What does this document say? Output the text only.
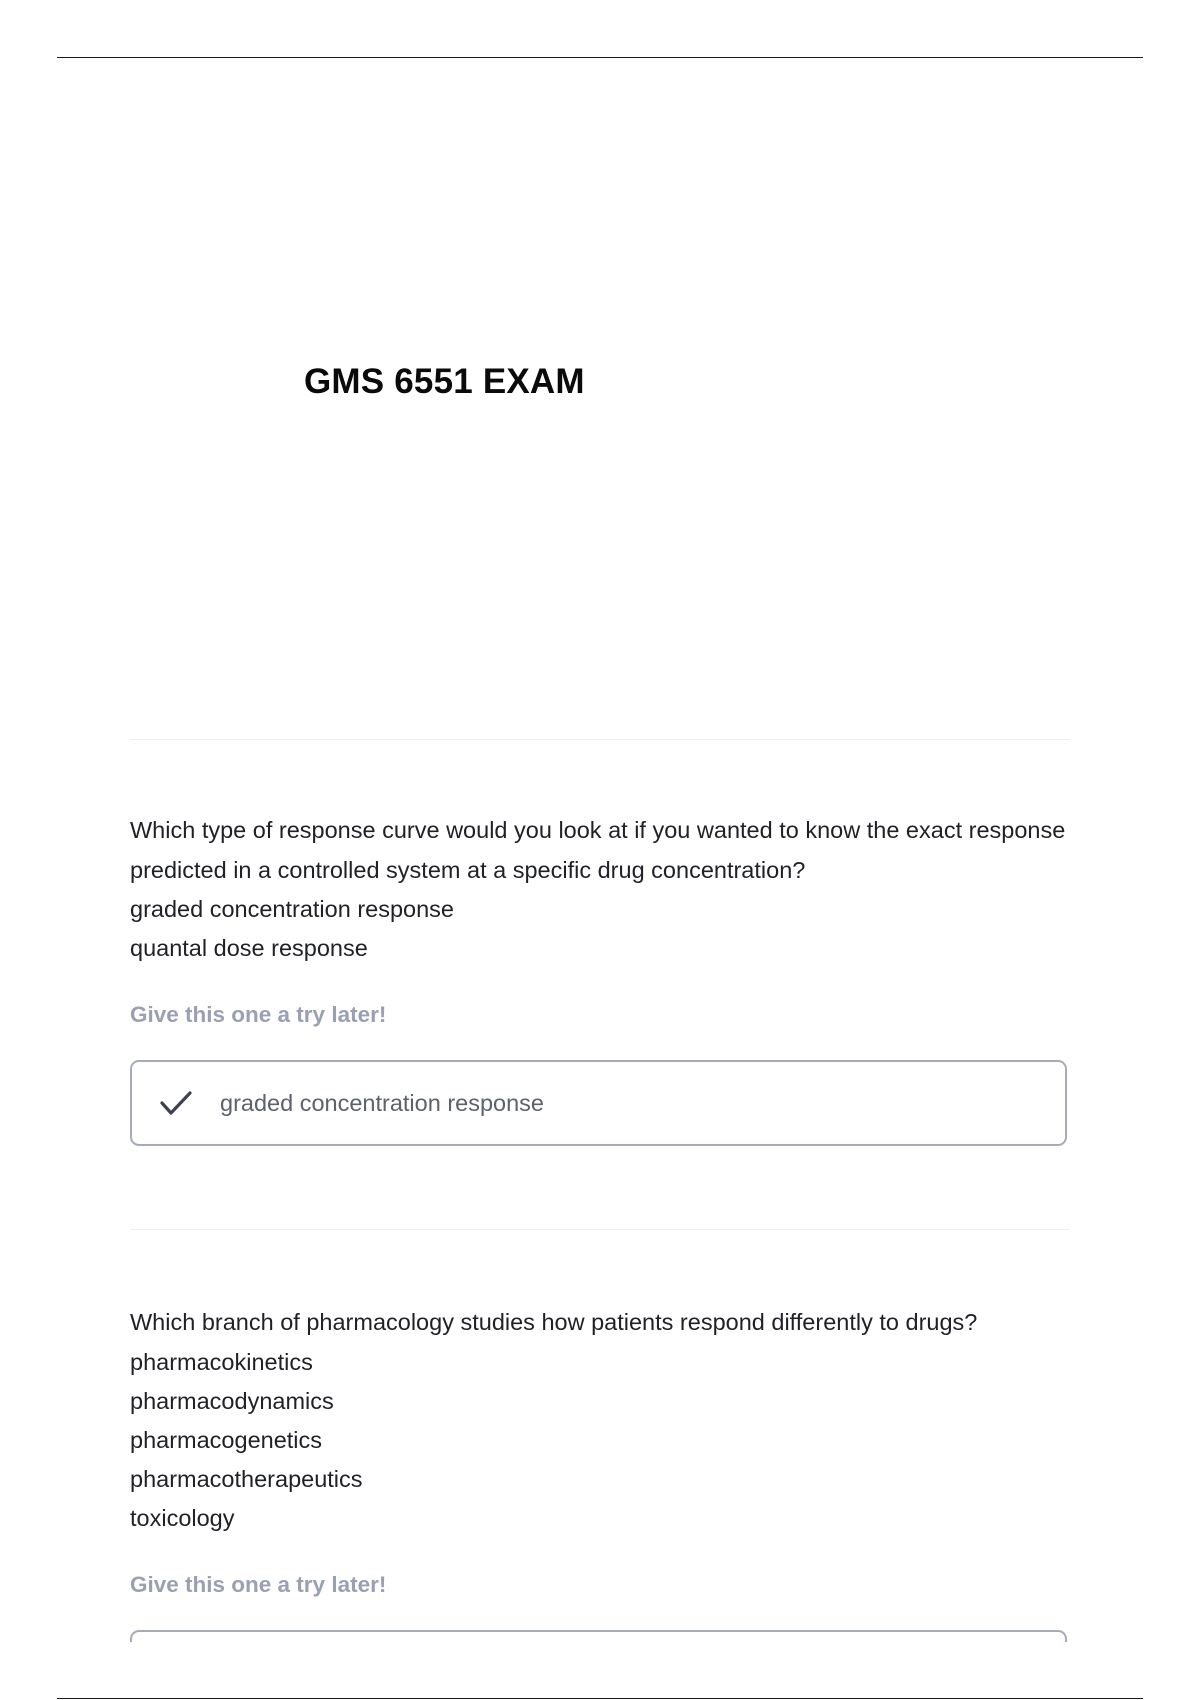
GMS 6551 EXAM

Which type of response curve would you look at if you wanted to know the exact response predicted in a controlled system at a specific drug concentration?

graded concentration response
quantal dose response
Give this one a try later!
graded concentration response

Which branch of pharmacology studies how patients respond differently to drugs?

pharmacokinetics
pharmacodynamics
pharmacogenetics
pharmacotherapeutics
toxicology
Give this one a try later!
